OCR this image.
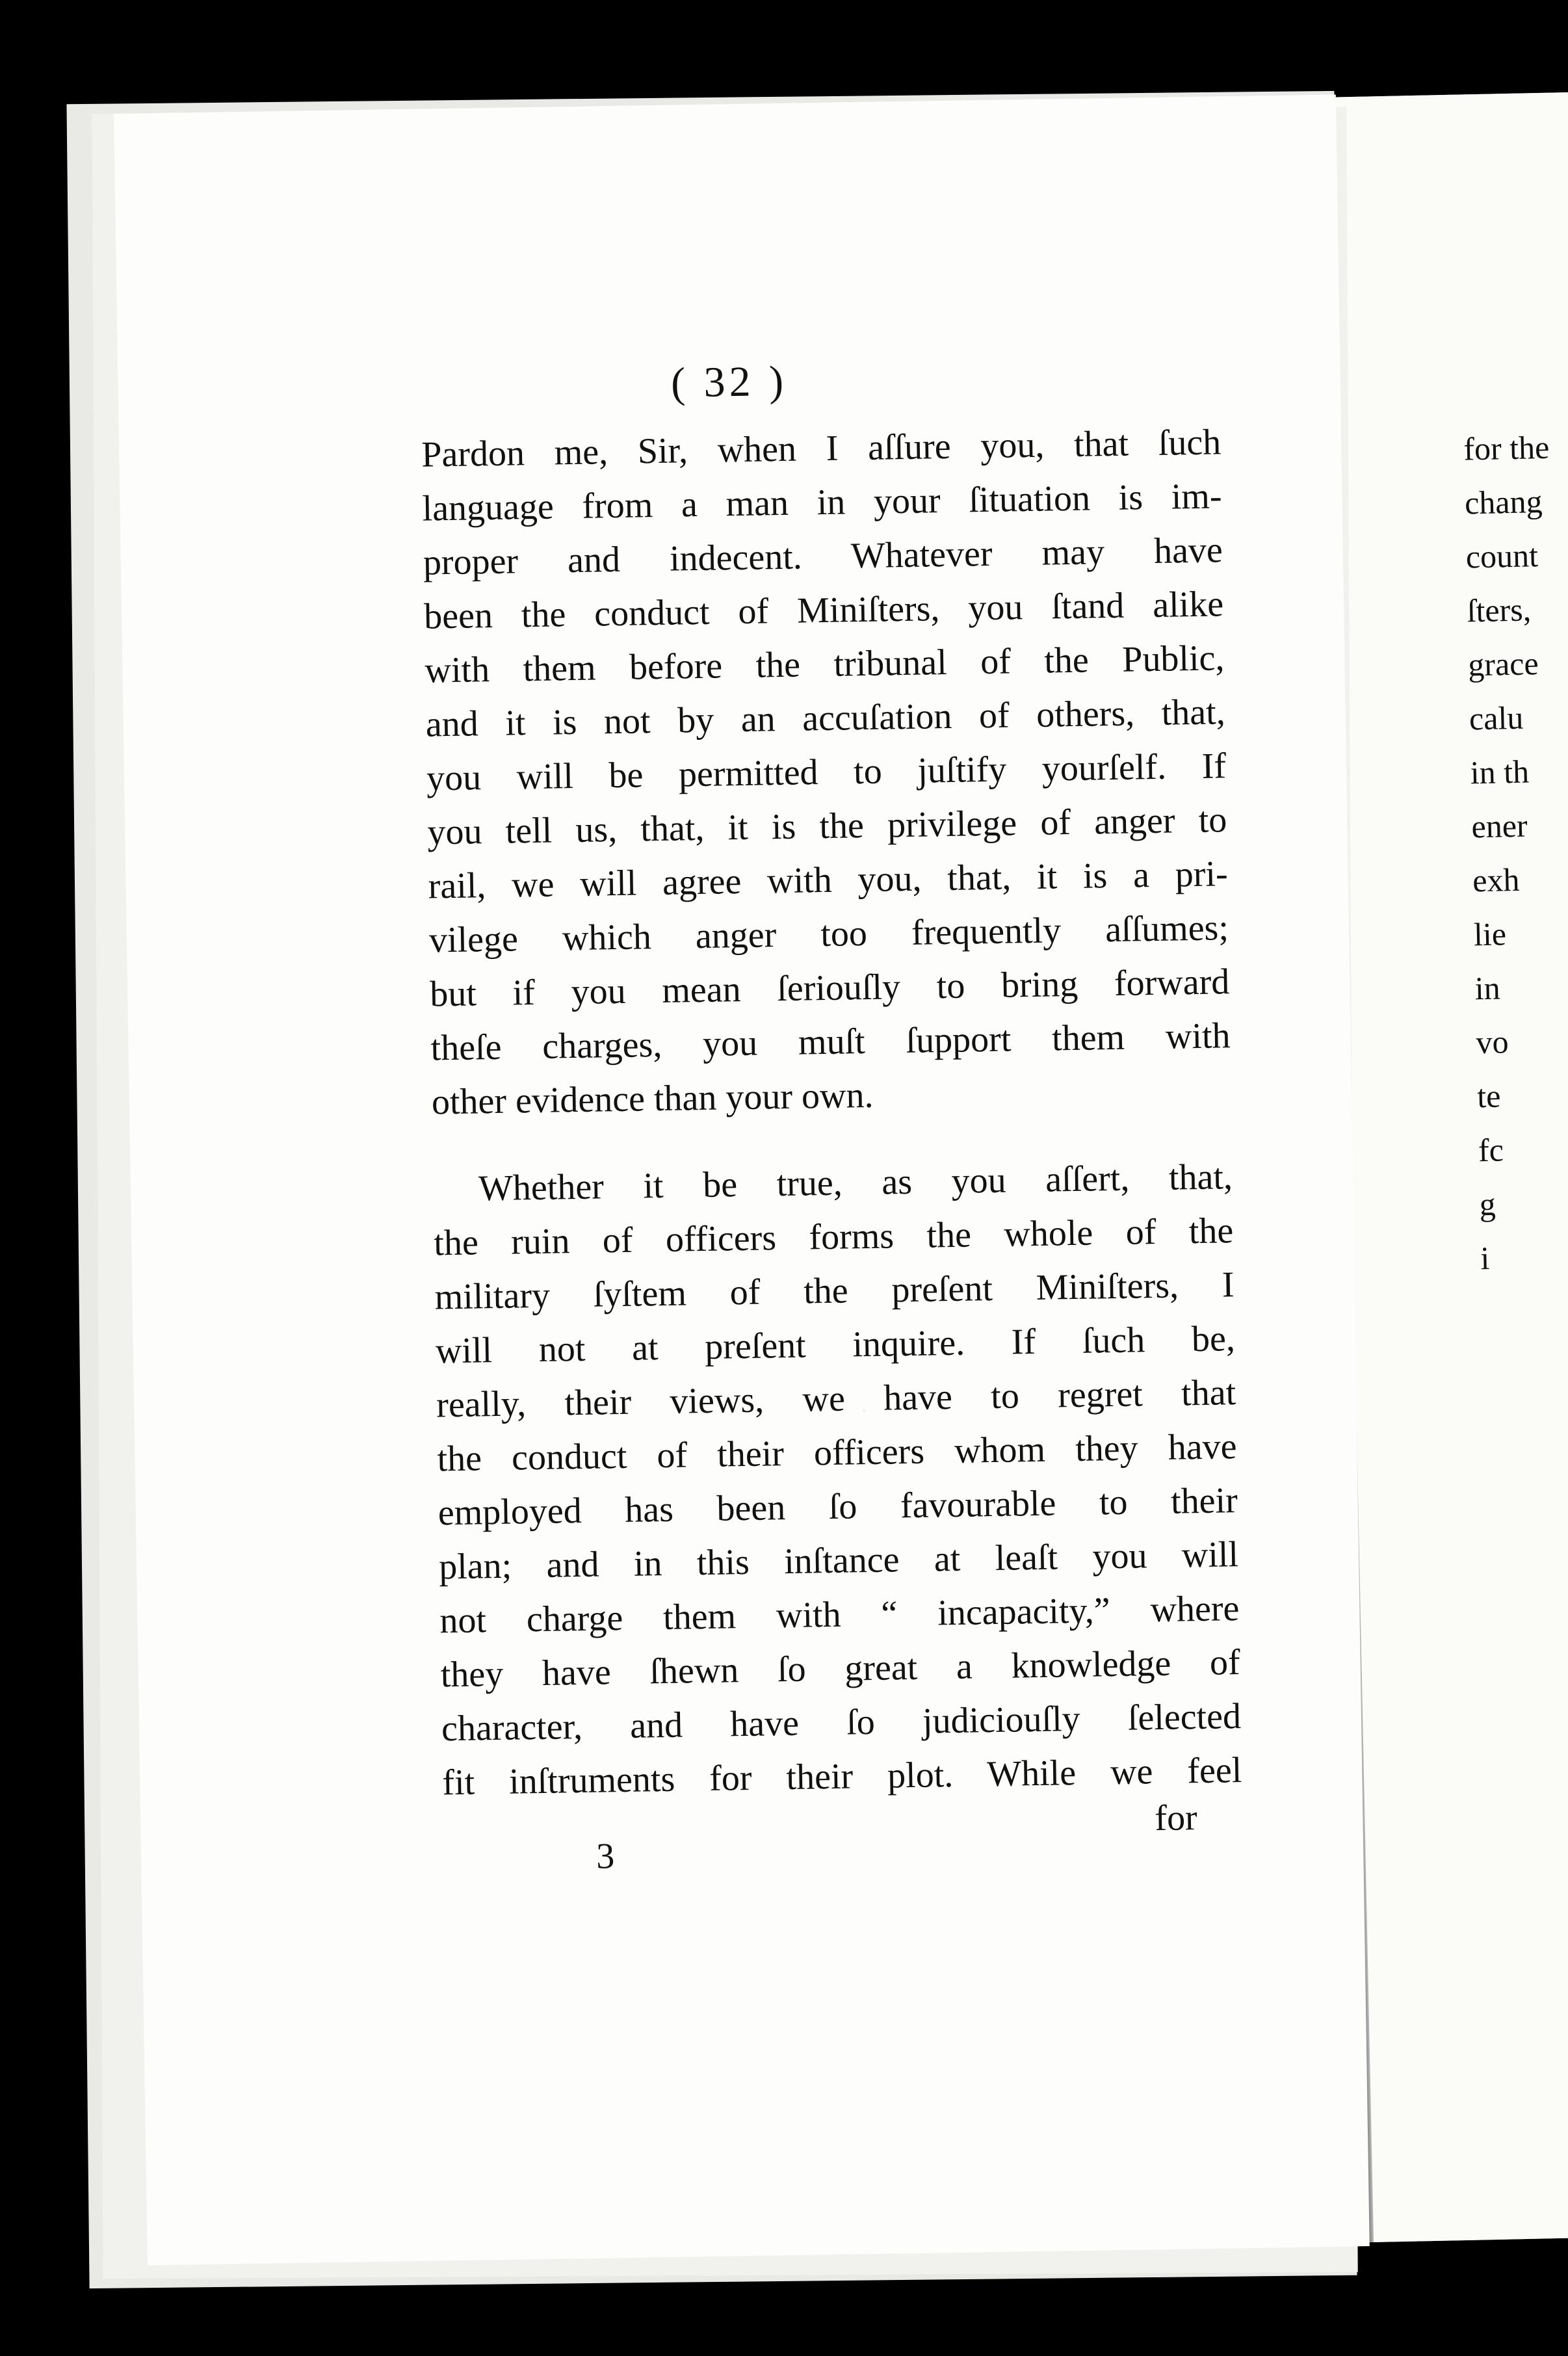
for the
chang
count
ſters,
grace
calu
in th
ener
exh
lie
in
vo
te
fc
g
i
( 32 )
Pardon me, Sir, when I aſſure you, that ſuch
language from a man in your ſituation is im-
proper and indecent. Whatever may have
been the conduct of Miniſters, you ſtand alike
with them before the tribunal of the Public,
and it is not by an accuſation of others, that,
you will be permitted to juſtify yourſelf. If
you tell us, that, it is the privilege of anger to
rail, we will agree with you, that, it is a pri-
vilege which anger too frequently aſſumes;
but if you mean ſeriouſly to bring forward
theſe charges, you muſt ſupport them with
other evidence than your own.
Whether it be true, as you aſſert, that,
the ruin of officers forms the whole of the
military ſyſtem of the preſent Miniſters, I
will not at preſent inquire. If ſuch be,
really, their views, we have to regret that
the conduct of their officers whom they have
employed has been ſo favourable to their
plan; and in this inſtance at leaſt you will
not charge them with “ incapacity,” where
they have ſhewn ſo great a knowledge of
character, and have ſo judiciouſly ſelected
fit inſtruments for their plot. While we feel
for
3
